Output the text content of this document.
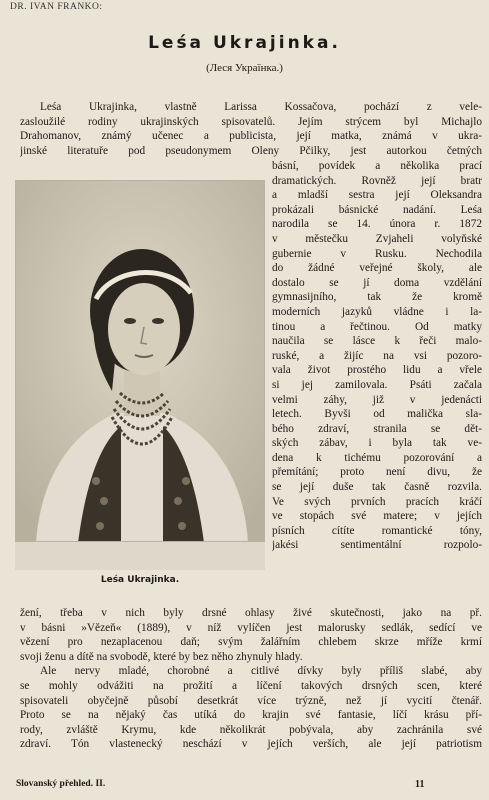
DR. IVAN FRANKO:
Leśa Ukrajinka.
(Леся Українка.)
Leśa Ukrajinka, vlastně Larissa Kossačova, pochází z vele-
zasloužilé rodiny ukrajinských spisovatelů. Jejím strýcem byl Michajlo
Drahomanov, známý učenec a publicista, její matka, známá v ukra-
jinské literatuře pod pseudonymem Oleny Pčilky, jest autorkou četných
Leśa Ukrajinka.
básní, povídek a několika prací
dramatických. Rovněž její bratr
a mladší sestra její Oleksandra
prokázali básnické nadání. Leśa
narodila se 14. února r. 1872
v městečku Zvjaheli volyňské
gubernie v Rusku. Nechodila
do žádné veřejné školy, ale
dostalo se jí doma vzdělání
gymnasijního, tak že kromě
moderních jazyků vládne i la-
tinou a řečtinou. Od matky
naučila se lásce k řeči malo-
ruské, a žijíc na vsi pozoro-
vala život prostého lidu a vřele
si jej zamilovala. Psáti začala
velmi záhy, již v jedenácti
letech. Byvši od malička sla-
bého zdraví, stranila se dět-
ských zábav, i byla tak ve-
dena k tichému pozorování a
přemítání; proto není divu, že
se její duše tak časně rozvila.
Ve svých prvních pracích kráčí
ve stopách své matere; v jejích
písních cítíte romantické tóny,
jakési sentimentální rozpolo-
žení, třeba v nich byly drsné ohlasy živé skutečnosti, jako na př.
v básni »Vězeň« (1889), v níž vylíčen jest malorusky sedlák, sedící ve
vězení pro nezaplacenou daň; svým žalářním chlebem skrze mříže krmí
svoji ženu a dítě na svobodě, které by bez něho zhynuly hlady.
Ale nervy mladé, chorobné a citlivé dívky byly příliš slabé, aby
se mohly odvážiti na prožití a líčení takových drsných scen, které
spisovateli obyčejně působí desetkrát více trýzně, než jí vycití čtenář.
Proto se na nějaký čas utíká do krajin své fantasie, líčí krásu pří-
rody, zvláště Krymu, kde několikrát pobývala, aby zachránila své
zdraví. Tón vlastenecký neschází v jejích verších, ale její patriotism
Slovanský přehled. II.	11
